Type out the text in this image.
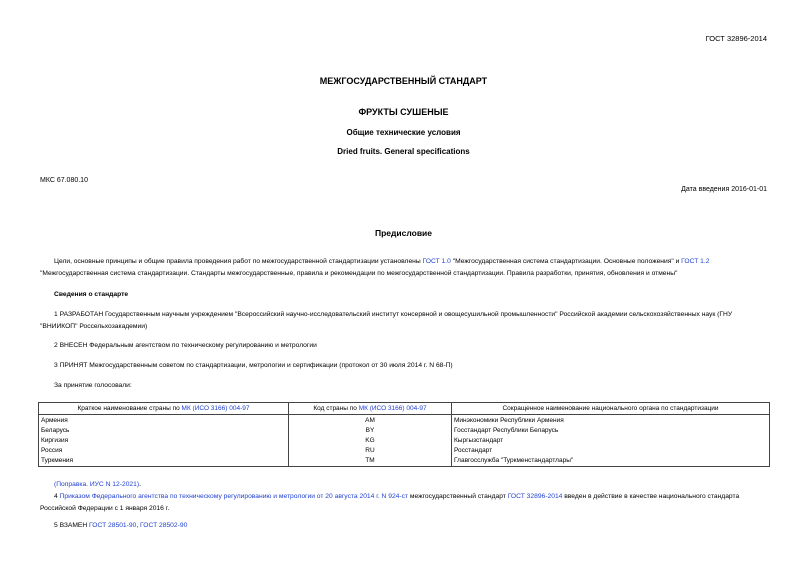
ГОСТ 32896-2014
МЕЖГОСУДАРСТВЕННЫЙ СТАНДАРТ
ФРУКТЫ СУШЕНЫЕ
Общие технические условия
Dried fruits. General specifications
МКС 67.080.10
Дата введения 2016-01-01
Предисловие
Цели, основные принципы и общие правила проведения работ по межгосударственной стандартизации установлены ГОСТ 1.0 "Межгосударственная система стандартизации. Основные положения" и ГОСТ 1.2 "Межгосударственная система стандартизации. Стандарты межгосударственные, правила и рекомендации по межгосударственной стандартизации. Правила разработки, принятия, обновления и отмены"
Сведения о стандарте
1 РАЗРАБОТАН Государственным научным учреждением "Всероссийский научно-исследовательский институт консервной и овощесушильной промышленности" Российской академии сельскохозяйственных наук (ГНУ "ВНИИКОП" Россельхозакадемии)
2 ВНЕСЕН Федеральным агентством по техническому регулированию и метрологии
3 ПРИНЯТ Межгосударственным советом по стандартизации, метрологии и сертификации (протокол от 30 июля 2014 г. N 68-П)
За принятие голосовали:
Краткое наименование страны по МК (ИСО 3166) 004-97	Код страны по МК (ИСО 3166) 004-97	Сокращенное наименование национального органа по стандартизации
Армения	AM	Минэкономики Республики Армения
Беларусь	BY	Госстандарт Республики Беларусь
Киргизия	KG	Кыргызстандарт
Россия	RU	Росстандарт
Туркмения	TM	Главгосслужба "Туркменстандартлары"
(Поправка. ИУС N 12-2021).
4 Приказом Федерального агентства по техническому регулированию и метрологии от 20 августа 2014 г. N 924-ст межгосударственный стандарт ГОСТ 32896-2014 введен в действие в качестве национального стандарта Российской Федерации с 1 января 2016 г.
5 ВЗАМЕН ГОСТ 28501-90, ГОСТ 28502-90
